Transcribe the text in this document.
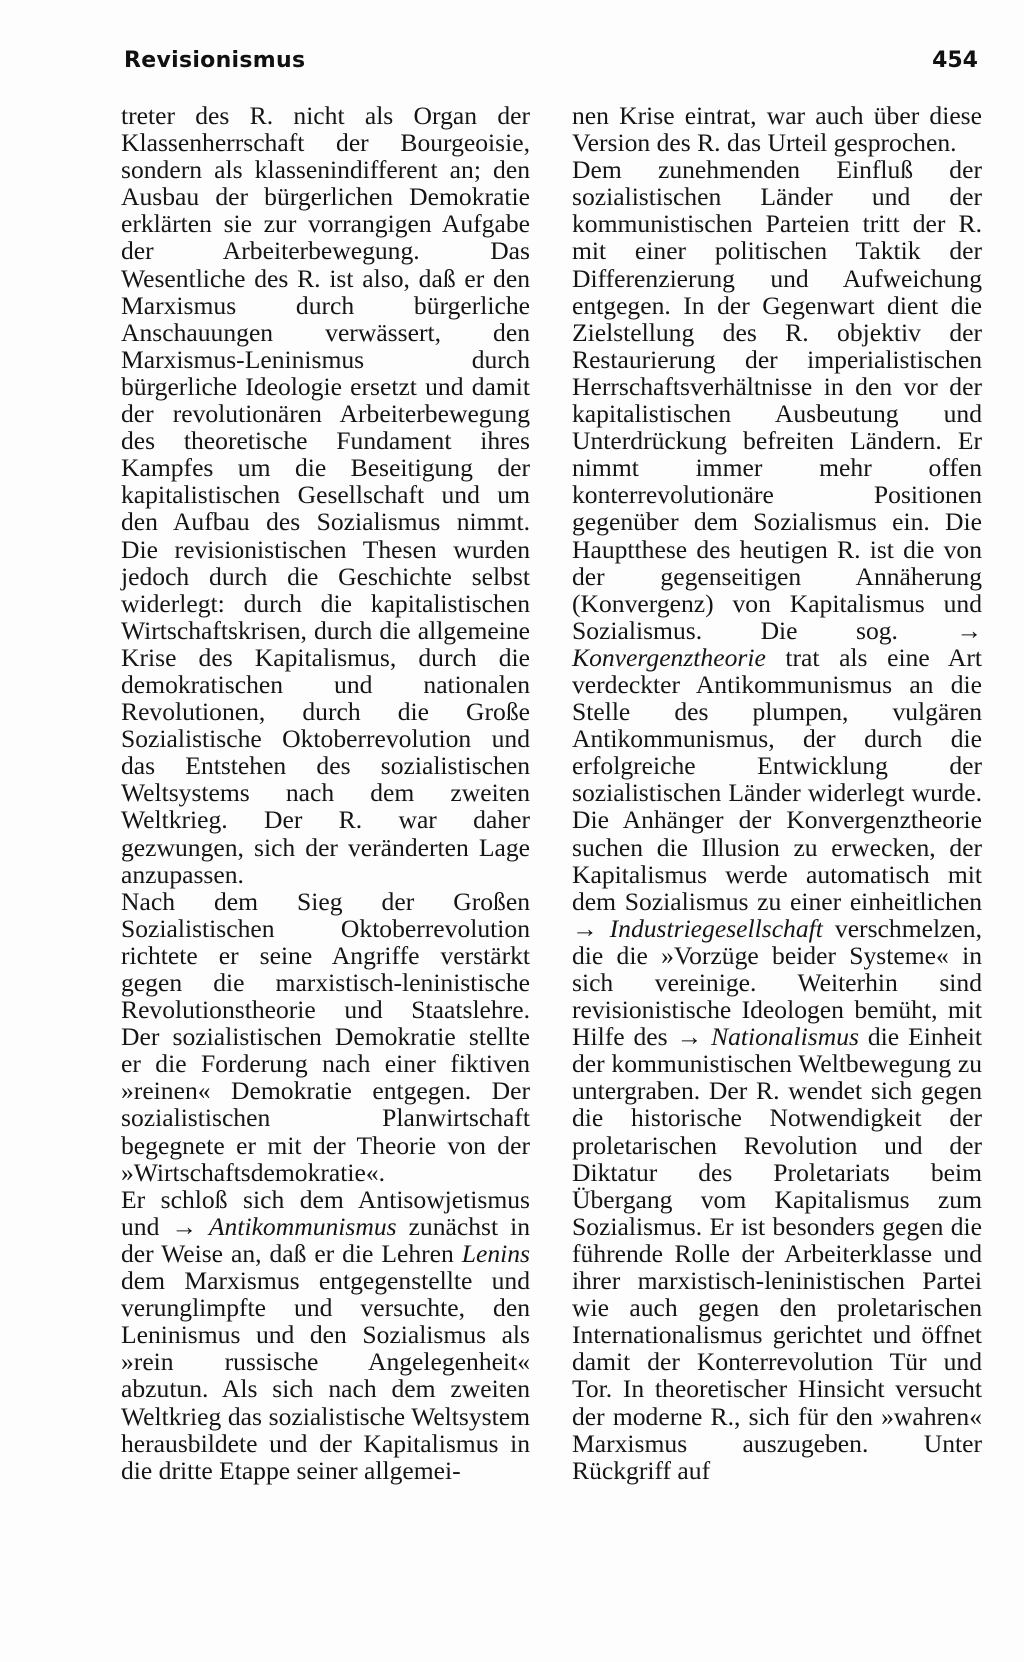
Revisionismus	454

treter des R. nicht als Organ der Klassenherrschaft der Bourgeoisie, sondern als klassenindifferent an; den Ausbau der bürgerlichen Demokratie erklärten sie zur vorrangigen Aufgabe der Arbeiterbewegung. Das Wesentliche des R. ist also, daß er den Marxismus durch bürgerliche Anschauungen verwässert, den Marxismus-Leninismus durch bürgerliche Ideologie ersetzt und damit der revolutionären Arbeiterbewegung des theoretische Fundament ihres Kampfes um die Beseitigung der kapitalistischen Gesellschaft und um den Aufbau des Sozialismus nimmt. Die revisionistischen Thesen wurden jedoch durch die Geschichte selbst widerlegt: durch die kapitalistischen Wirtschaftskrisen, durch die allgemeine Krise des Kapitalismus, durch die demokratischen und nationalen Revolutionen, durch die Große Sozialistische Oktoberrevolution und das Entstehen des sozialistischen Weltsystems nach dem zweiten Weltkrieg. Der R. war daher gezwungen, sich der veränderten Lage anzupassen.
Nach dem Sieg der Großen Sozialistischen Oktoberrevolution richtete er seine Angriffe verstärkt gegen die marxistisch-leninistische Revolutionstheorie und Staatslehre. Der sozialistischen Demokratie stellte er die Forderung nach einer fiktiven »reinen« Demokratie entgegen. Der sozialistischen Planwirtschaft begegnete er mit der Theorie von der »Wirtschaftsdemokratie«.
Er schloß sich dem Antisowjetismus und → Antikommunismus zunächst in der Weise an, daß er die Lehren Lenins dem Marxismus entgegenstellte und verunglimpfte und versuchte, den Leninismus und den Sozialismus als »rein russische Angelegenheit« abzutun. Als sich nach dem zweiten Weltkrieg das sozialistische Weltsystem herausbildete und der Kapitalismus in die dritte Etappe seiner allgemei-

nen Krise eintrat, war auch über diese Version des R. das Urteil gesprochen.
Dem zunehmenden Einfluß der sozialistischen Länder und der kommunistischen Parteien tritt der R. mit einer politischen Taktik der Differenzierung und Aufweichung entgegen. In der Gegenwart dient die Zielstellung des R. objektiv der Restaurierung der imperialistischen Herrschaftsverhältnisse in den vor der kapitalistischen Ausbeutung und Unterdrückung befreiten Ländern. Er nimmt immer mehr offen konterrevolutionäre Positionen gegenüber dem Sozialismus ein. Die Hauptthese des heutigen R. ist die von der gegenseitigen Annäherung (Konvergenz) von Kapitalismus und Sozialismus. Die sog. → Konvergenztheorie trat als eine Art verdeckter Antikommunismus an die Stelle des plumpen, vulgären Antikommunismus, der durch die erfolgreiche Entwicklung der sozialistischen Länder widerlegt wurde. Die Anhänger der Konvergenztheorie suchen die Illusion zu erwecken, der Kapitalismus werde automatisch mit dem Sozialismus zu einer einheitlichen → Industriegesellschaft verschmelzen, die die »Vorzüge beider Systeme« in sich vereinige. Weiterhin sind revisionistische Ideologen bemüht, mit Hilfe des → Nationalismus die Einheit der kommunistischen Weltbewegung zu untergraben. Der R. wendet sich gegen die historische Notwendigkeit der proletarischen Revolution und der Diktatur des Proletariats beim Übergang vom Kapitalismus zum Sozialismus. Er ist besonders gegen die führende Rolle der Arbeiterklasse und ihrer marxistisch-leninistischen Partei wie auch gegen den proletarischen Internationalismus gerichtet und öffnet damit der Konterrevolution Tür und Tor. In theoretischer Hinsicht versucht der moderne R., sich für den »wahren« Marxismus auszugeben. Unter Rückgriff auf
